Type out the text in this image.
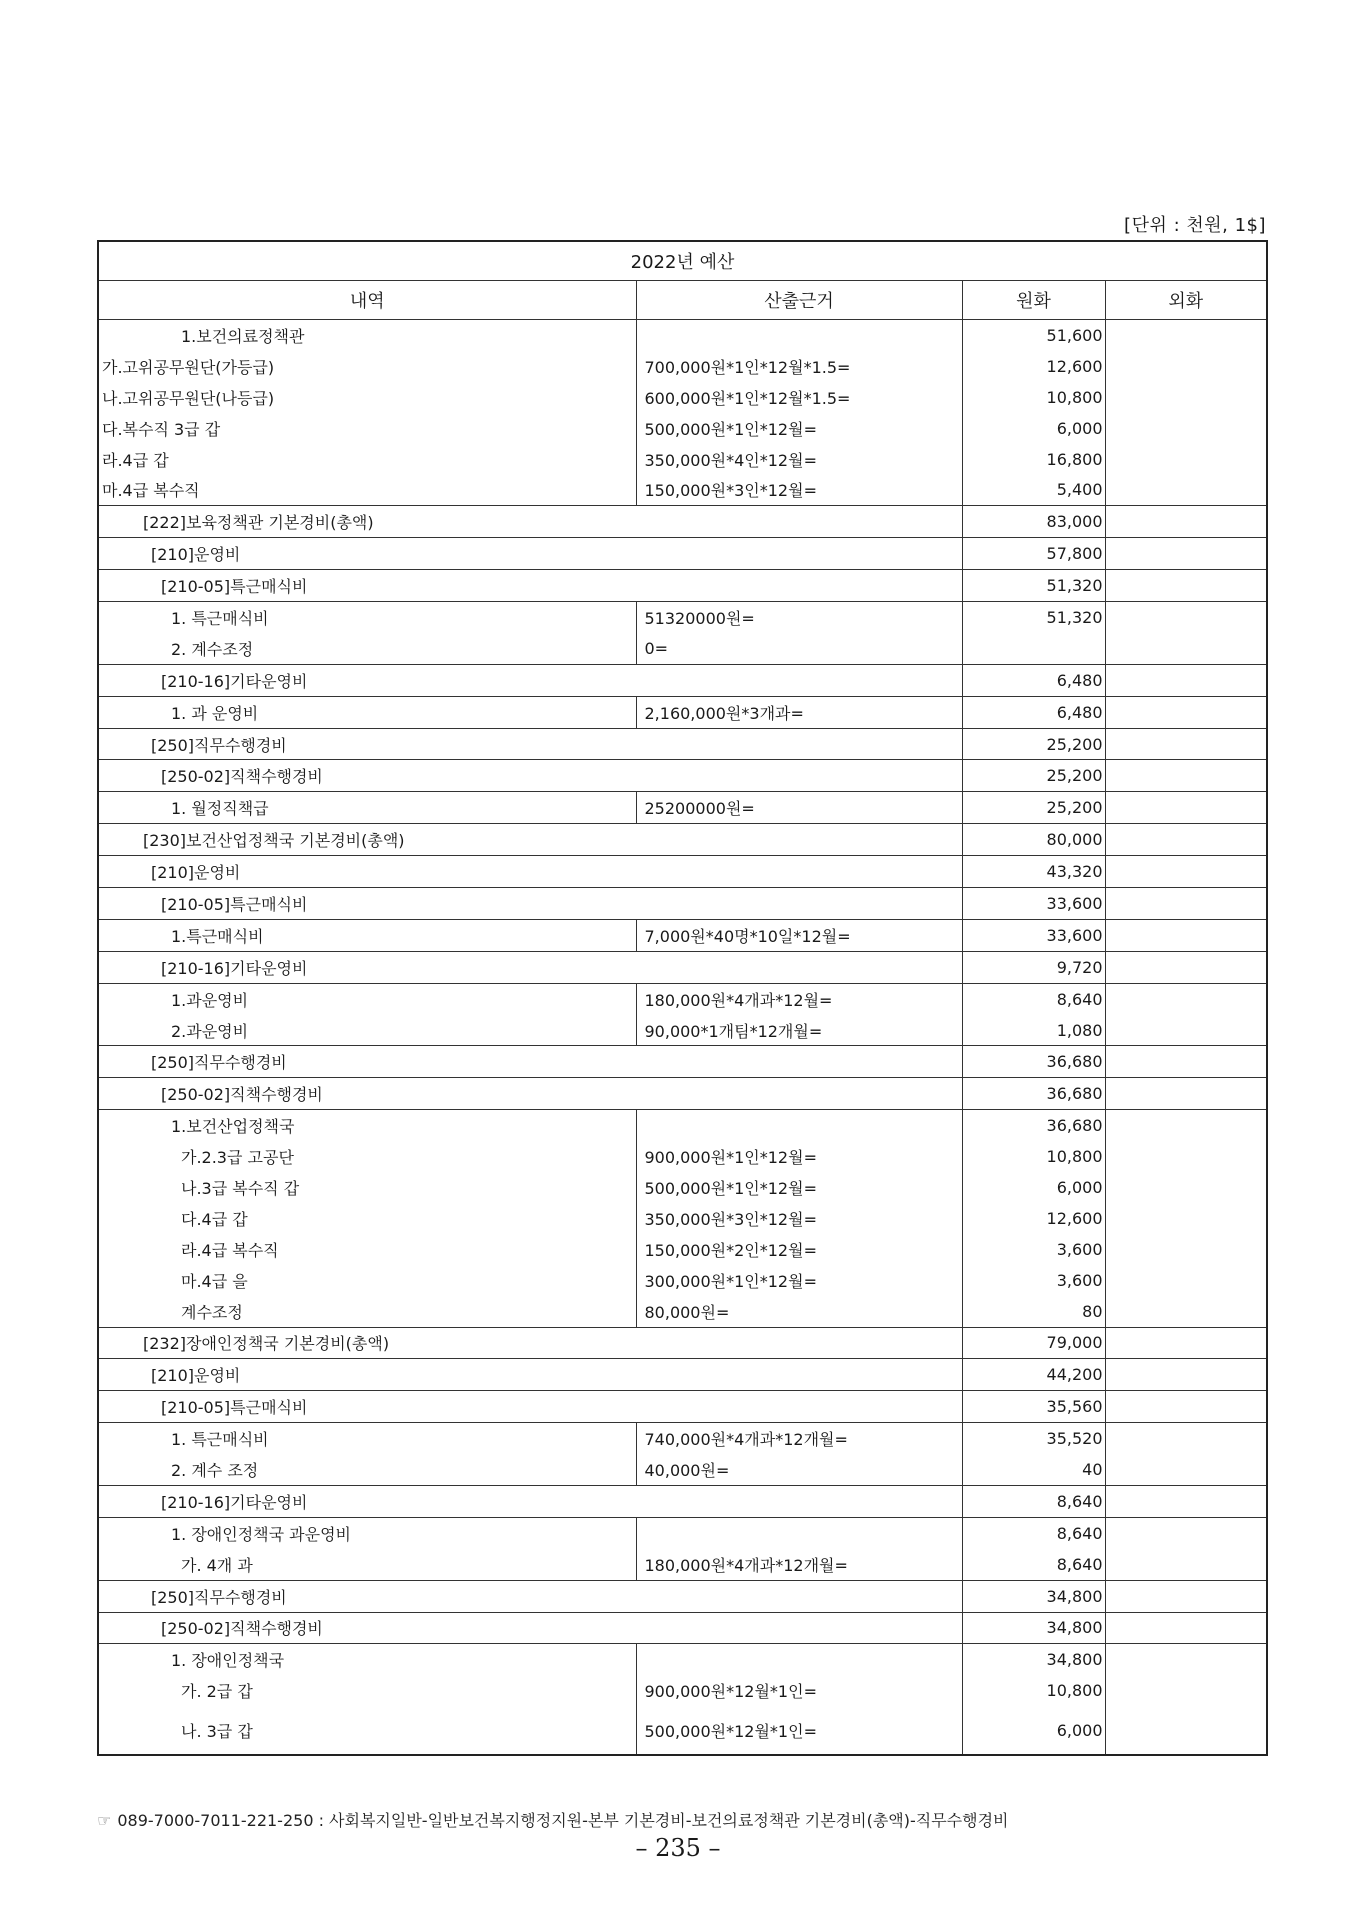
[단위 : 천원, 1$]
2022년 예산			
내역	산출근거	원화	외화
1.보건의료정책관		51,600	
가.고위공무원단(가등급)	700,000원*1인*12월*1.5=	12,600	
나.고위공무원단(나등급)	600,000원*1인*12월*1.5=	10,800	
다.복수직 3급 갑	500,000원*1인*12월=	6,000	
라.4급 갑	350,000원*4인*12월=	16,800	
마.4급 복수직	150,000원*3인*12월=	5,400	
[222]보육정책관 기본경비(총액)		83,000	
[210]운영비		57,800	
[210-05]특근매식비		51,320	
1. 특근매식비	51320000원=	51,320	
2. 계수조정	0=		
[210-16]기타운영비		6,480	
1. 과 운영비	2,160,000원*3개과=	6,480	
[250]직무수행경비		25,200	
[250-02]직책수행경비		25,200	
1. 월정직책급	25200000원=	25,200	
[230]보건산업정책국 기본경비(총액)		80,000	
[210]운영비		43,320	
[210-05]특근매식비		33,600	
1.특근매식비	7,000원*40명*10일*12월=	33,600	
[210-16]기타운영비		9,720	
1.과운영비	180,000원*4개과*12월=	8,640	
2.과운영비	90,000*1개팀*12개월=	1,080	
[250]직무수행경비		36,680	
[250-02]직책수행경비		36,680	
1.보건산업정책국		36,680	
가.2.3급 고공단	900,000원*1인*12월=	10,800	
나.3급 복수직 갑	500,000원*1인*12월=	6,000	
다.4급 갑	350,000원*3인*12월=	12,600	
라.4급 복수직	150,000원*2인*12월=	3,600	
마.4급 을	300,000원*1인*12월=	3,600	
계수조정	80,000원=	80	
[232]장애인정책국 기본경비(총액)		79,000	
[210]운영비		44,200	
[210-05]특근매식비		35,560	
1. 특근매식비	740,000원*4개과*12개월=	35,520	
2. 계수 조정	40,000원=	40	
[210-16]기타운영비		8,640	
1. 장애인정책국 과운영비		8,640	
가. 4개 과	180,000원*4개과*12개월=	8,640	
[250]직무수행경비		34,800	
[250-02]직책수행경비		34,800	
1. 장애인정책국		34,800	
가. 2급 갑	900,000원*12월*1인=	10,800	
나. 3급 갑	500,000원*12월*1인=	6,000	
☞ 089-7000-7011-221-250 : 사회복지일반-일반보건복지행정지원-본부 기본경비-보건의료정책관 기본경비(총액)-직무수행경비
– 235 –
